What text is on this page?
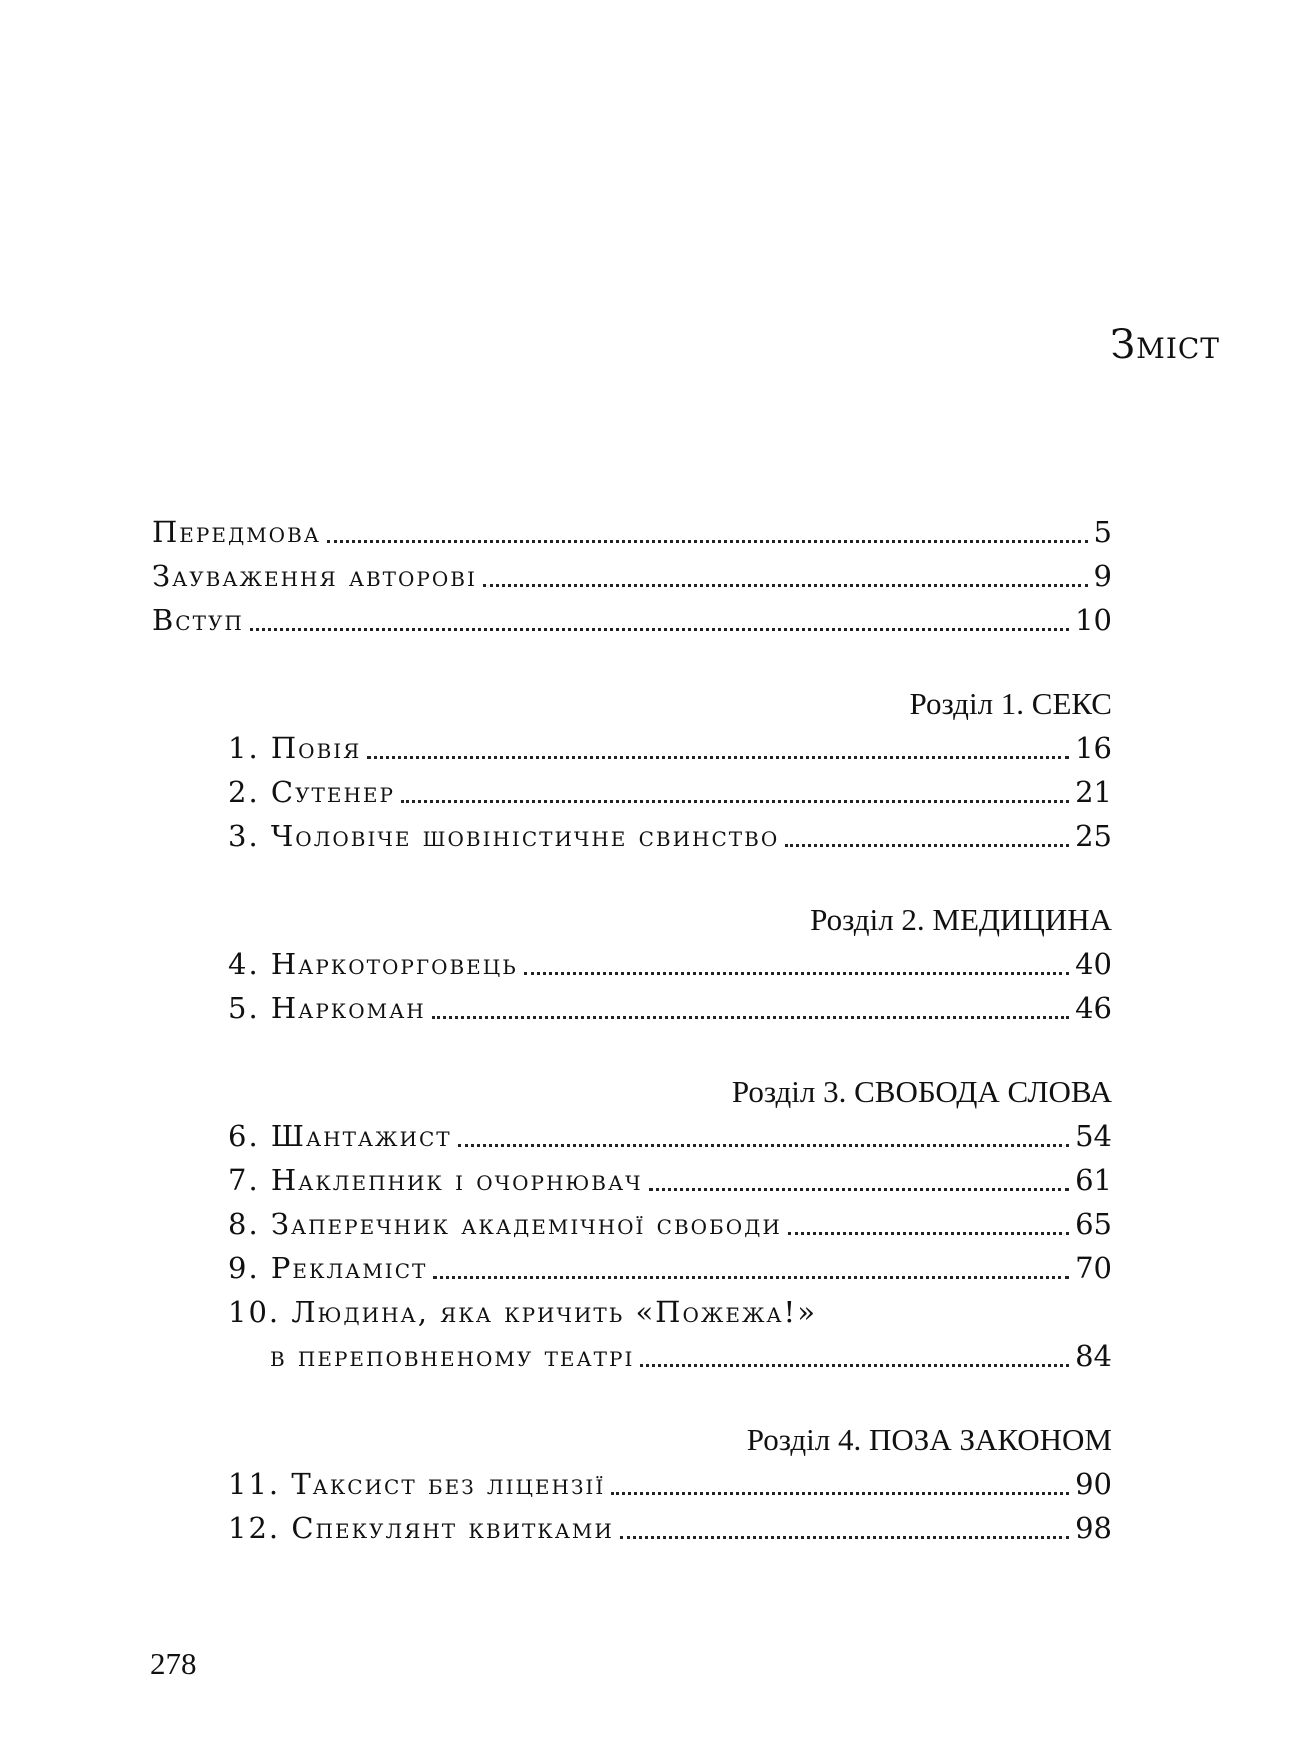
Зміст
Передмова	5
Зауваження авторові	9
Вступ	10
Розділ 1. СЕКС
1. Повія	16
2. Сутенер	21
3. Чоловіче шовіністичне свинство	25
Розділ 2. МЕДИЦИНА
4. Наркоторговець	40
5. Наркоман	46
Розділ 3. СВОБОДА СЛОВА
6. Шантажист	54
7. Наклепник і очорнювач	61
8. Заперечник академічної свободи	65
9. Рекламіст	70
10. Людина, яка кричить «Пожежа!»
в переповненому театрі	84
Розділ 4. ПОЗА ЗАКОНОМ
11. Таксист без ліцензії	90
12. Спекулянт квитками	98
278
